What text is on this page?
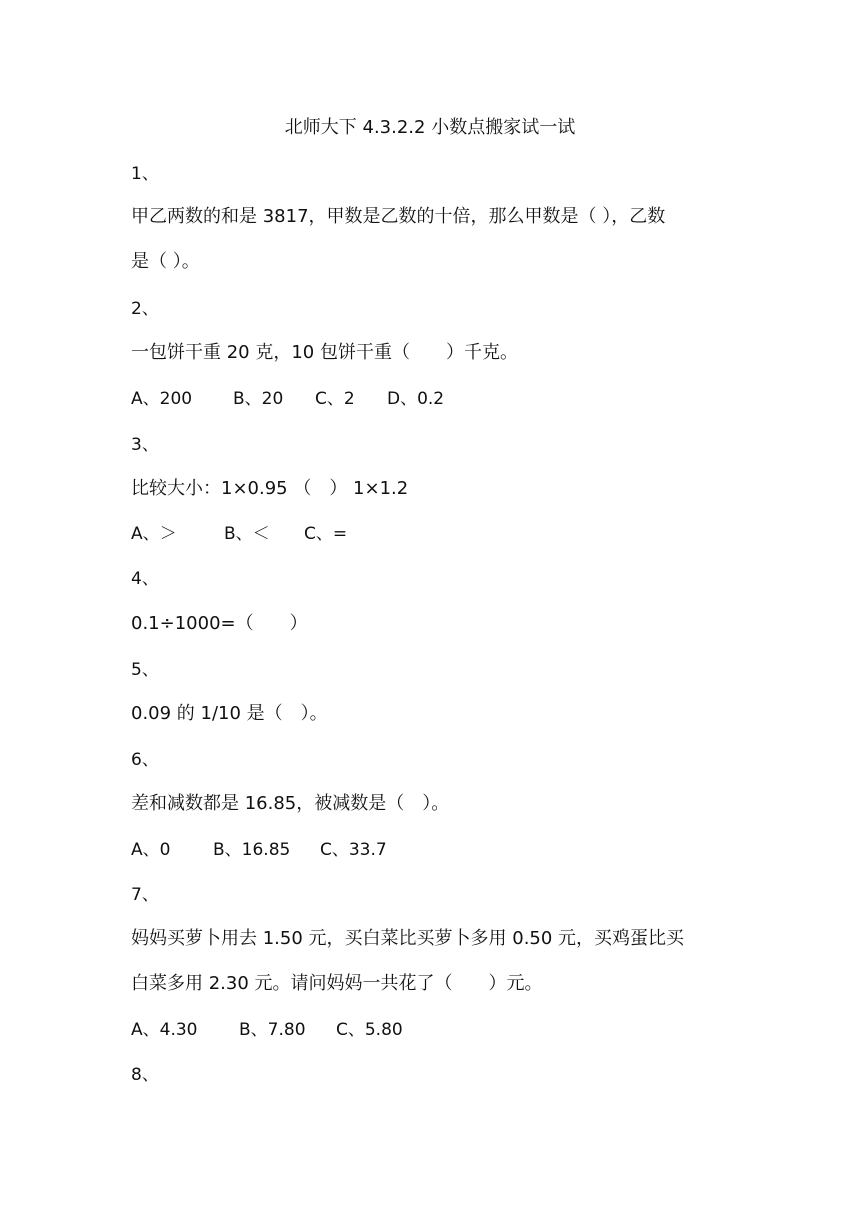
北师大下 4.3.2.2 小数点搬家试一试
1、
甲乙两数的和是 3817，甲数是乙数的十倍，那么甲数是（ ），乙数
是（ ）。
2、
一包饼干重 20 克，10 包饼干重（　　）千克。
A、200 B、20 C、2 D、0.2
3、
比较大小：1×0.95 （　） 1×1.2
A、＞	B、＜ C、=
4、
0.1÷1000=（　　）
5、
0.09 的 1/10 是（　）。
6、
差和减数都是 16.85，被减数是（　）。
A、0	B、16.85 C、33.7
7、
妈妈买萝卜用去 1.50 元，买白菜比买萝卜多用 0.50 元，买鸡蛋比买
白菜多用 2.30 元。请问妈妈一共花了（　　）元。
A、4.30 B、7.80 C、5.80
8、
